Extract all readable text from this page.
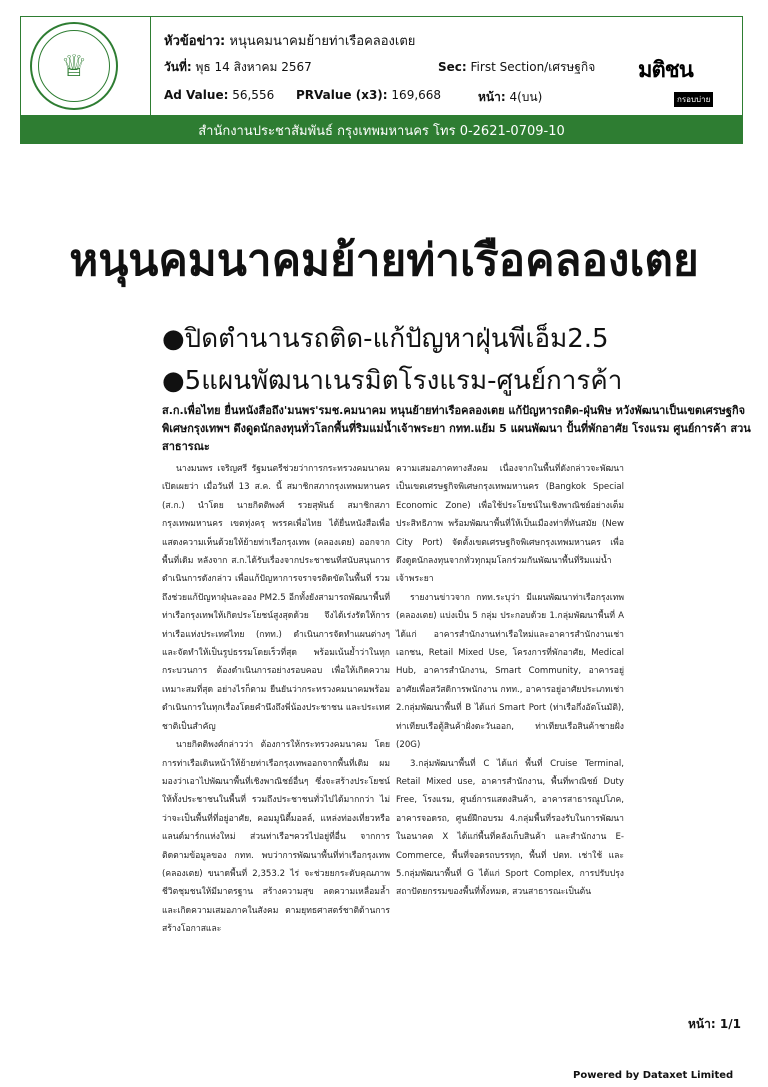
♕
หัวข้อข่าว: หนุนคมนาคมย้ายท่าเรือคลองเตย
วันที่: พุธ 14 สิงหาคม 2567	Sec: First Section/เศรษฐกิจ
Ad Value: 56,556 PRValue (x3): 169,668	หน้า: 4(บน)
มติชน
กรอบบ่าย
สำนักงานประชาสัมพันธ์ กรุงเทพมหานคร โทร 0-2621-0709-10
หนุนคมนาคมย้ายท่าเรือคลองเตย
●ปิดตำนานรถติด-แก้ปัญหาฝุ่นพีเอ็ม2.5
●5แผนพัฒนาเนรมิตโรงแรม-ศูนย์การค้า
ส.ก.เพื่อไทย ยื่นหนังสือถึง'มนพร'รมช.คมนาคม หนุนย้ายท่าเรือคลองเตย แก้ปัญหารถติด-ฝุ่นพิษ หวังพัฒนาเป็นเขตเศรษฐกิจพิเศษกรุงเทพฯ ดึงดูดนักลงทุนทั่วโลกพื้นที่ริมแม่น้ำเจ้าพระยา กทท.แย้ม 5 แผนพัฒนา ปั้นที่พักอาศัย โรงแรม ศูนย์การค้า สวนสาธารณะ

นางมนพร เจริญศรี รัฐมนตรีช่วยว่าการกระทรวงคมนาคม เปิดเผยว่า เมื่อวันที่ 13 ส.ค. นี้ สมาชิกสภากรุงเทพมหานคร (ส.ก.) นำโดย นายกิตติพงศ์ รวยสุพันธ์ สมาชิกสภากรุงเทพมหานคร เขตทุ่งครุ พรรคเพื่อไทย ได้ยื่นหนังสือเพื่อแสดงความเห็นด้วยให้ย้ายท่าเรือกรุงเทพ (คลองเตย) ออกจากพื้นที่เดิม หลังจาก ส.ก.ได้รับเรื่องจากประชาชนที่สนับสนุนการดำเนินการดังกล่าว เพื่อแก้ปัญหาการจราจรติดขัดในพื้นที่ รวมถึงช่วยแก้ปัญหาฝุ่นละออง PM2.5 อีกทั้งยังสามารถพัฒนาพื้นที่ท่าเรือกรุงเทพให้เกิดประโยชน์สูงสุดด้วย จึงได้เร่งรัดให้การท่าเรือแห่งประเทศไทย (กทท.) ดำเนินการจัดทำแผนต่างๆ และจัดทำให้เป็นรูปธรรมโดยเร็วที่สุด พร้อมเน้นย้ำว่าในทุกกระบวนการ ต้องดำเนินการอย่างรอบคอบ เพื่อให้เกิดความเหมาะสมที่สุด อย่างไรก็ตาม ยืนยันว่ากระทรวงคมนาคมพร้อมดำเนินการในทุกเรื่องโดยคำนึงถึงพี่น้องประชาชน และประเทศชาติเป็นสำคัญ

นายกิตติพงศ์กล่าวว่า ต้องการให้กระทรวงคมนาคม โดยการท่าเรือเดินหน้าให้ย้ายท่าเรือกรุงเทพออกจากพื้นที่เดิม ผมมองว่าเอาไปพัฒนาพื้นที่เชิงพาณิชย์อื่นๆ ซึ่งจะสร้างประโยชน์ให้ทั้งประชาชนในพื้นที่ รวมถึงประชาชนทั่วไปได้มากกว่า ไม่ว่าจะเป็นพื้นที่ที่อยู่อาศัย, คอมมูนิตี้มอลล์, แหล่งท่องเที่ยวหรือแลนด์มาร์กแห่งใหม่ ส่วนท่าเรือฯควรไปอยู่ที่อื่น จากการติดตามข้อมูลของ กทท. พบว่าการพัฒนาพื้นที่ท่าเรือกรุงเทพ (คลองเตย) ขนาดพื้นที่ 2,353.2 ไร่ จะช่วยยกระดับคุณภาพชีวิตชุมชนให้มีมาตรฐาน สร้างความสุข ลดความเหลื่อมล้ำและเกิดความเสมอภาคในสังคม ตามยุทธศาสตร์ชาติด้านการสร้างโอกาสและ

ความเสมอภาคทางสังคม เนื่องจากในพื้นที่ดังกล่าวจะพัฒนาเป็นเขตเศรษฐกิจพิเศษกรุงเทพมหานคร (Bangkok Special Economic Zone) เพื่อใช้ประโยชน์ในเชิงพาณิชย์อย่างเต็มประสิทธิภาพ พร้อมพัฒนาพื้นที่ให้เป็นเมืองท่าที่ทันสมัย (New City Port) จัดตั้งเขตเศรษฐกิจพิเศษกรุงเทพมหานคร เพื่อดึงดูดนักลงทุนจากทั่วทุกมุมโลกร่วมกันพัฒนาพื้นที่ริมแม่น้ำเจ้าพระยา

รายงานข่าวจาก กทท.ระบุว่า มีแผนพัฒนาท่าเรือกรุงเทพ (คลองเตย) แบ่งเป็น 5 กลุ่ม ประกอบด้วย 1.กลุ่มพัฒนาพื้นที่ A ได้แก่ อาคารสำนักงานท่าเรือใหม่และอาคารสำนักงานเช่าเอกชน, Retail Mixed Use, โครงการที่พักอาศัย, Medical Hub, อาคารสำนักงาน, Smart Community, อาคารอยู่อาศัยเพื่อสวัสดิการพนักงาน กทท., อาคารอยู่อาศัยประเภทเช่า 2.กลุ่มพัฒนาพื้นที่ B ได้แก่ Smart Port (ท่าเรือกึ่งอัตโนมัติ), ท่าเทียบเรือตู้สินค้าฝั่งตะวันออก, ท่าเทียบเรือสินค้าชายฝั่ง (20G)

3.กลุ่มพัฒนาพื้นที่ C ได้แก่ พื้นที่ Cruise Terminal, Retail Mixed use, อาคารสำนักงาน, พื้นที่พาณิชย์ Duty Free, โรงแรม, ศูนย์การแสดงสินค้า, อาคารสาธารณูปโภค, อาคารจอดรถ, ศูนย์ฝึกอบรม 4.กลุ่มพื้นที่รองรับในการพัฒนาในอนาคต X ได้แก่พื้นที่คลังเก็บสินค้า และสำนักงาน E-Commerce, พื้นที่จอดรถบรรทุก, พื้นที่ ปตท. เช่าใช้ และ 5.กลุ่มพัฒนาพื้นที่ G ได้แก่ Sport Complex, การปรับปรุงสถาปัตยกรรมของพื้นที่ทั้งหมด, สวนสาธารณะเป็นต้น

หน้า: 1/1
Powered by Dataxet Limited
